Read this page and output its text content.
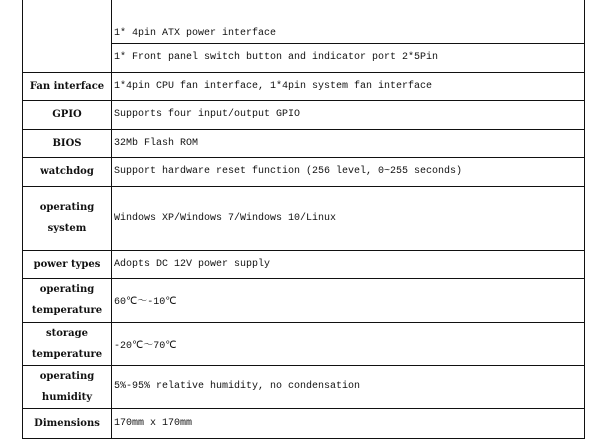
	1* 4pin ATX power interface
	1* Front panel switch button and indicator port 2*5Pin
Fan interface	1*4pin CPU fan interface, 1*4pin system fan interface
GPIO	Supports four input/output GPIO
BIOS	32Mb Flash ROM
watchdog	Support hardware reset function (256 level, 0~255 seconds)
operating system	Windows XP/Windows 7/Windows 10/Linux
power types	Adopts DC 12V power supply
operating temperature	60℃～-10℃
storage temperature	-20℃～70℃
operating humidity	5%-95% relative humidity, no condensation
Dimensions	170mm x 170mm
